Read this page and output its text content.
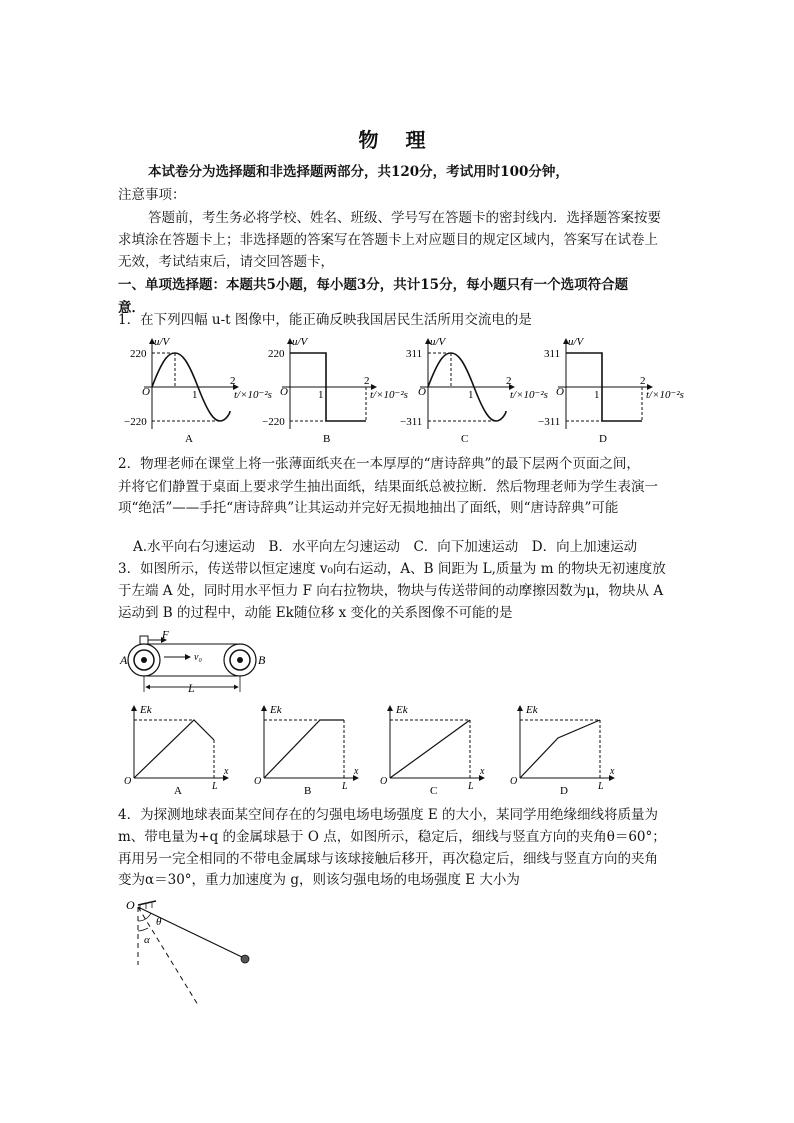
物 理
本试卷分为选择题和非选择题两部分，共120分，考试用时100分钟，
注意事项：
答题前，考生务必将学校、姓名、班级、学号写在答题卡的密封线内．选择题答案按要
求填涂在答题卡上；非选择题的答案写在答题卡上对应题目的规定区域内，答案写在试卷上
无效，考试结束后，请交回答题卡，
一、单项选择题：本题共5小题，每小题3分，共计15分，每小题只有一个选项符合题
意．
1．在下列四幅 u-t 图像中，能正确反映我国居民生活所用交流电的是
u/V
220
−220
O	1
2
t/×10⁻²s
A
u/V
220
−220
O	1
2
t/×10⁻²s
B
u/V
311
−311
O	1
2
t/×10⁻²s
C
u/V
311
−311
O	1
2
t/×10⁻²s
D
2．物理老师在课堂上将一张薄面纸夹在一本厚厚的“唐诗辞典”的最下层两个页面之间，
并将它们静置于桌面上要求学生抽出面纸，结果面纸总被拉断．然后物理老师为学生表演一
项“绝活”——手托“唐诗辞典”让其运动并完好无损地抽出了面纸，则“唐诗辞典”可能
A.水平向右匀速运动　B．水平向左匀速运动　C．向下加速运动　D．向上加速运动
3．如图所示，传送带以恒定速度 v₀向右运动，A、B 间距为 L,质量为 m 的物块无初速度放
于左端 A 处，同时用水平恒力 F 向右拉物块，物块与传送带间的动摩擦因数为μ，物块从 A
运动到 B 的过程中，动能 Ek随位移 x 变化的关系图像不可能的是
F
v₀
A	B
L
Ek
O	L
x
A
Ek
O	L
x
B
Ek
O	L
x
C
Ek
O	L
x
D
4．为探测地球表面某空间存在的匀强电场电场强度 E 的大小，某同学用绝缘细线将质量为
m、带电量为+q 的金属球悬于 O 点，如图所示，稳定后，细线与竖直方向的夹角θ＝60°；
再用另一完全相同的不带电金属球与该球接触后移开，再次稳定后，细线与竖直方向的夹角
变为α＝30°，重力加速度为 g，则该匀强电场的电场强度 E 大小为
O
θ
α
